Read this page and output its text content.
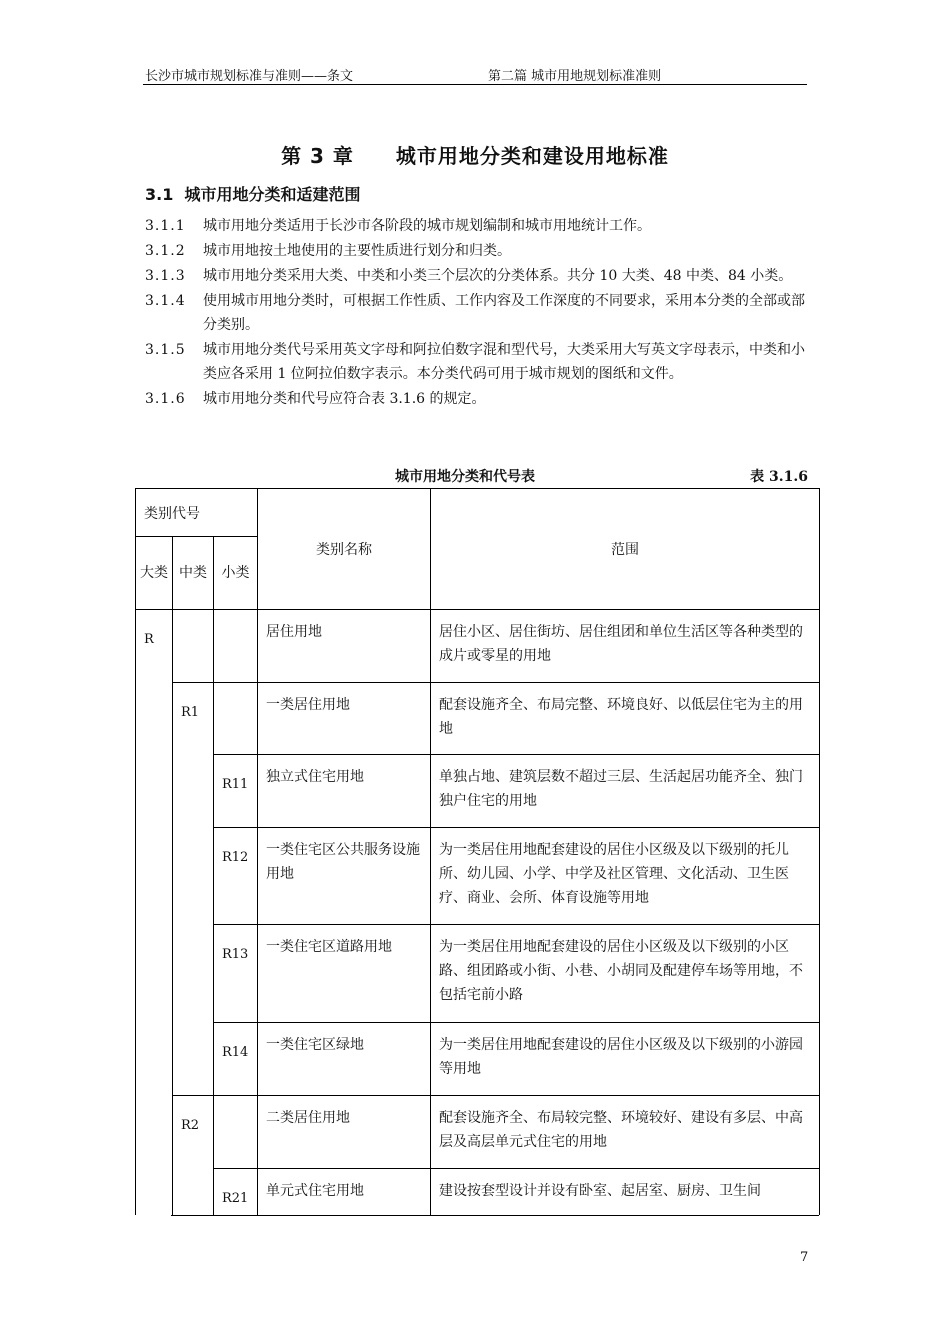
长沙市城市规划标准与准则——条文	第二篇 城市用地规划标准准则
第 3 章 城市用地分类和建设用地标准
3.1 城市用地分类和适建范围
3.1.1	城市用地分类适用于长沙市各阶段的城市规划编制和城市用地统计工作。
3.1.2	城市用地按土地使用的主要性质进行划分和归类。
3.1.3	城市用地分类采用大类、中类和小类三个层次的分类体系。共分 10 大类、48 中类、84 小类。
3.1.4	使用城市用地分类时，可根据工作性质、工作内容及工作深度的不同要求，采用本分类的全部或部分类别。
3.1.5	城市用地分类代号采用英文字母和阿拉伯数字混和型代号，大类采用大写英文字母表示，中类和小类应各采用 1 位阿拉伯数字表示。本分类代码可用于城市规划的图纸和文件。
3.1.6	城市用地分类和代号应符合表 3.1.6 的规定。
城市用地分类和代号表	表 3.1.6
类别代号			类别名称	范围
大类	中类	小类		
R			居住用地	居住小区、居住街坊、居住组团和单位生活区等各种类型的成片或零星的用地
	R1		一类居住用地	配套设施齐全、布局完整、环境良好、以低层住宅为主的用地
		R11	独立式住宅用地	单独占地、建筑层数不超过三层、生活起居功能齐全、独门独户住宅的用地
		R12	一类住宅区公共服务设施用地	为一类居住用地配套建设的居住小区级及以下级别的托儿所、幼儿园、小学、中学及社区管理、文化活动、卫生医疗、商业、会所、体育设施等用地
		R13	一类住宅区道路用地	为一类居住用地配套建设的居住小区级及以下级别的小区路、组团路或小街、小巷、小胡同及配建停车场等用地，不包括宅前小路
		R14	一类住宅区绿地	为一类居住用地配套建设的居住小区级及以下级别的小游园等用地
	R2		二类居住用地	配套设施齐全、布局较完整、环境较好、建设有多层、中高层及高层单元式住宅的用地
		R21	单元式住宅用地	建设按套型设计并设有卧室、起居室、厨房、卫生间
7
